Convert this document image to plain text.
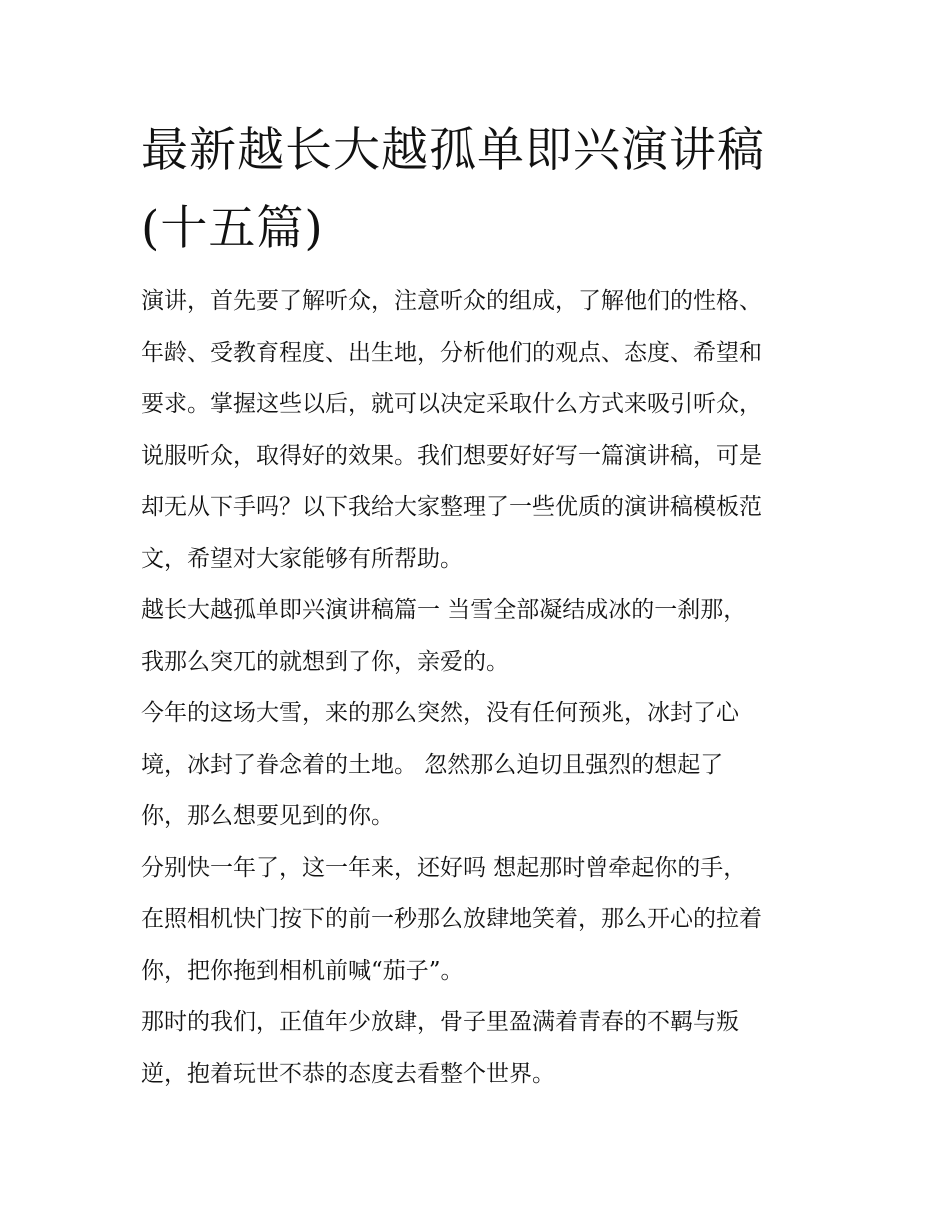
最新越长大越孤单即兴演讲稿
(十五篇)
演讲，首先要了解听众，注意听众的组成，了解他们的性格、
年龄、受教育程度、出生地，分析他们的观点、态度、希望和
要求。掌握这些以后，就可以决定采取什么方式来吸引听众，
说服听众，取得好的效果。我们想要好好写一篇演讲稿，可是
却无从下手吗？以下我给大家整理了一些优质的演讲稿模板范
文，希望对大家能够有所帮助。
越长大越孤单即兴演讲稿篇一 当雪全部凝结成冰的一刹那，
我那么突兀的就想到了你，亲爱的。
今年的这场大雪，来的那么突然，没有任何预兆，冰封了心
境，冰封了眷念着的土地。 忽然那么迫切且强烈的想起了
你，那么想要见到的你。
分别快一年了，这一年来，还好吗 想起那时曾牵起你的手，
在照相机快门按下的前一秒那么放肆地笑着，那么开心的拉着
你，把你拖到相机前喊“茄子”。
那时的我们，正值年少放肆，骨子里盈满着青春的不羁与叛
逆，抱着玩世不恭的态度去看整个世界。
